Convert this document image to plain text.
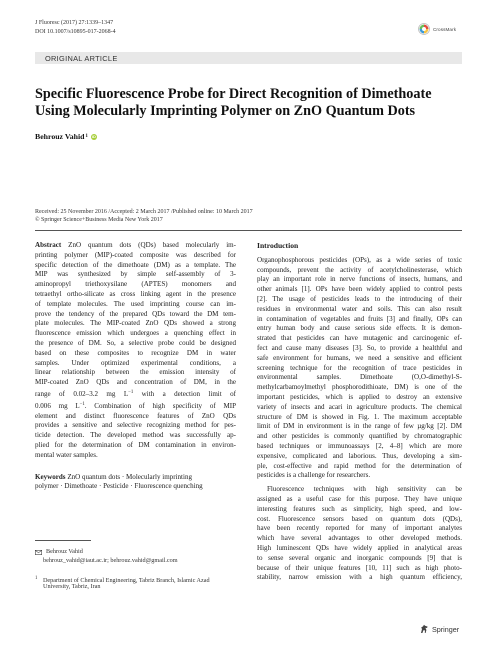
J Fluoresc (2017) 27:1339–1347
DOI 10.1007/s10895-017-2068-4	CrossMark
ORIGINAL ARTICLE
Specific Fluorescence Probe for Direct Recognition of Dimethoate
Using Molecularly Imprinting Polymer on ZnO Quantum Dots
Behrouz Vahid 1 iD
Received: 25 November 2016 /Accepted: 2 March 2017 /Published online: 10 March 2017
© Springer Science+Business Media New York 2017
Abstract ZnO quantum dots (QDs) based molecularly im-
printing polymer (MIP)-coated composite was described for
specific detection of the dimethoate (DM) as a template. The
MIP was synthesized by simple self-assembly of 3-
aminopropyl triethoxysilane (APTES) monomers and
tetraethyl ortho-silicate as cross linking agent in the presence
of template molecules. The used imprinting course can im-
prove the tendency of the prepared QDs toward the DM tem-
plate molecules. The MIP-coated ZnO QDs showed a strong
fluorescence emission which undergoes a quenching effect in
the presence of DM. So, a selective probe could be designed
based on these composites to recognize DM in water
samples. Under optimized experimental conditions, a
linear relationship between the emission intensity of
MIP-coated ZnO QDs and concentration of DM, in the
range of 0.02–3.2 mg $L^{-1}$ with a detection limit of
0.006 mg $L^{-1}$. Combination of high specificity of MIP
element and distinct fluorescence features of ZnO QDs
provides a sensitive and selective recognizing method for pes-
ticide detection. The developed method was successfully ap-
plied for the determination of DM contamination in environ-
mental water samples.
Keywords ZnO quantum dots · Molecularly imprinting
polymer · Dimethoate · Pesticide · Fluorescence quenching
Introduction
Organophosphorous pesticides (OPs), as a wide series of toxic
compounds, prevent the activity of acetylcholinesterase, which
play an important role in nerve functions of insects, humans, and
other animals [1]. OPs have been widely applied to control pests
[2]. The usage of pesticides leads to the introducing of their
residues in environmental water and soils. This can also result
in contamination of vegetables and fruits [3] and finally, OPs can
entry human body and cause serious side effects. It is demon-
strated that pesticides can have mutagenic and carcinogenic ef-
fect and cause many diseases [3]. So, to provide a healthful and
safe environment for humans, we need a sensitive and efficient
screening technique for the recognition of trace pesticides in
environmental samples. Dimethoate (O,O-dimethyl-S-
methylcarbamoylmethyl phosphorodithioate, DM) is one of the
important pesticides, which is applied to destroy an extensive
variety of insects and acari in agriculture products. The chemical
structure of DM is showed in Fig. 1. The maximum acceptable
limit of DM in environment is in the range of few µg/kg [2]. DM
and other pesticides is commonly quantified by chromatographic
based techniques or immunoassays [2, 4–8] which are more
expensive, complicated and laborious. Thus, developing a sim-
ple, cost-effective and rapid method for the determination of
pesticides is a challenge for researchers.
Fluorescence techniques with high sensitivity can be
assigned as a useful case for this purpose. They have unique
interesting features such as simplicity, high speed, and low-
cost. Fluorescence sensors based on quantum dots (QDs),
have been recently reported for many of important analytes
which have several advantages to other developed methods.
High luminescent QDs have widely applied in analytical areas
to sense several organic and inorganic compounds [9] that is
because of their unique features [10, 11] such as high photo-
stability, narrow emission with a high quantum efficiency,
Behrouz Vahid
behrouz_vahid@iaut.ac.ir; behrouz.vahid@gmail.com
$^1$ Department of Chemical Engineering, Tabriz Branch, Islamic Azad
University, Tabriz, Iran
Springer
